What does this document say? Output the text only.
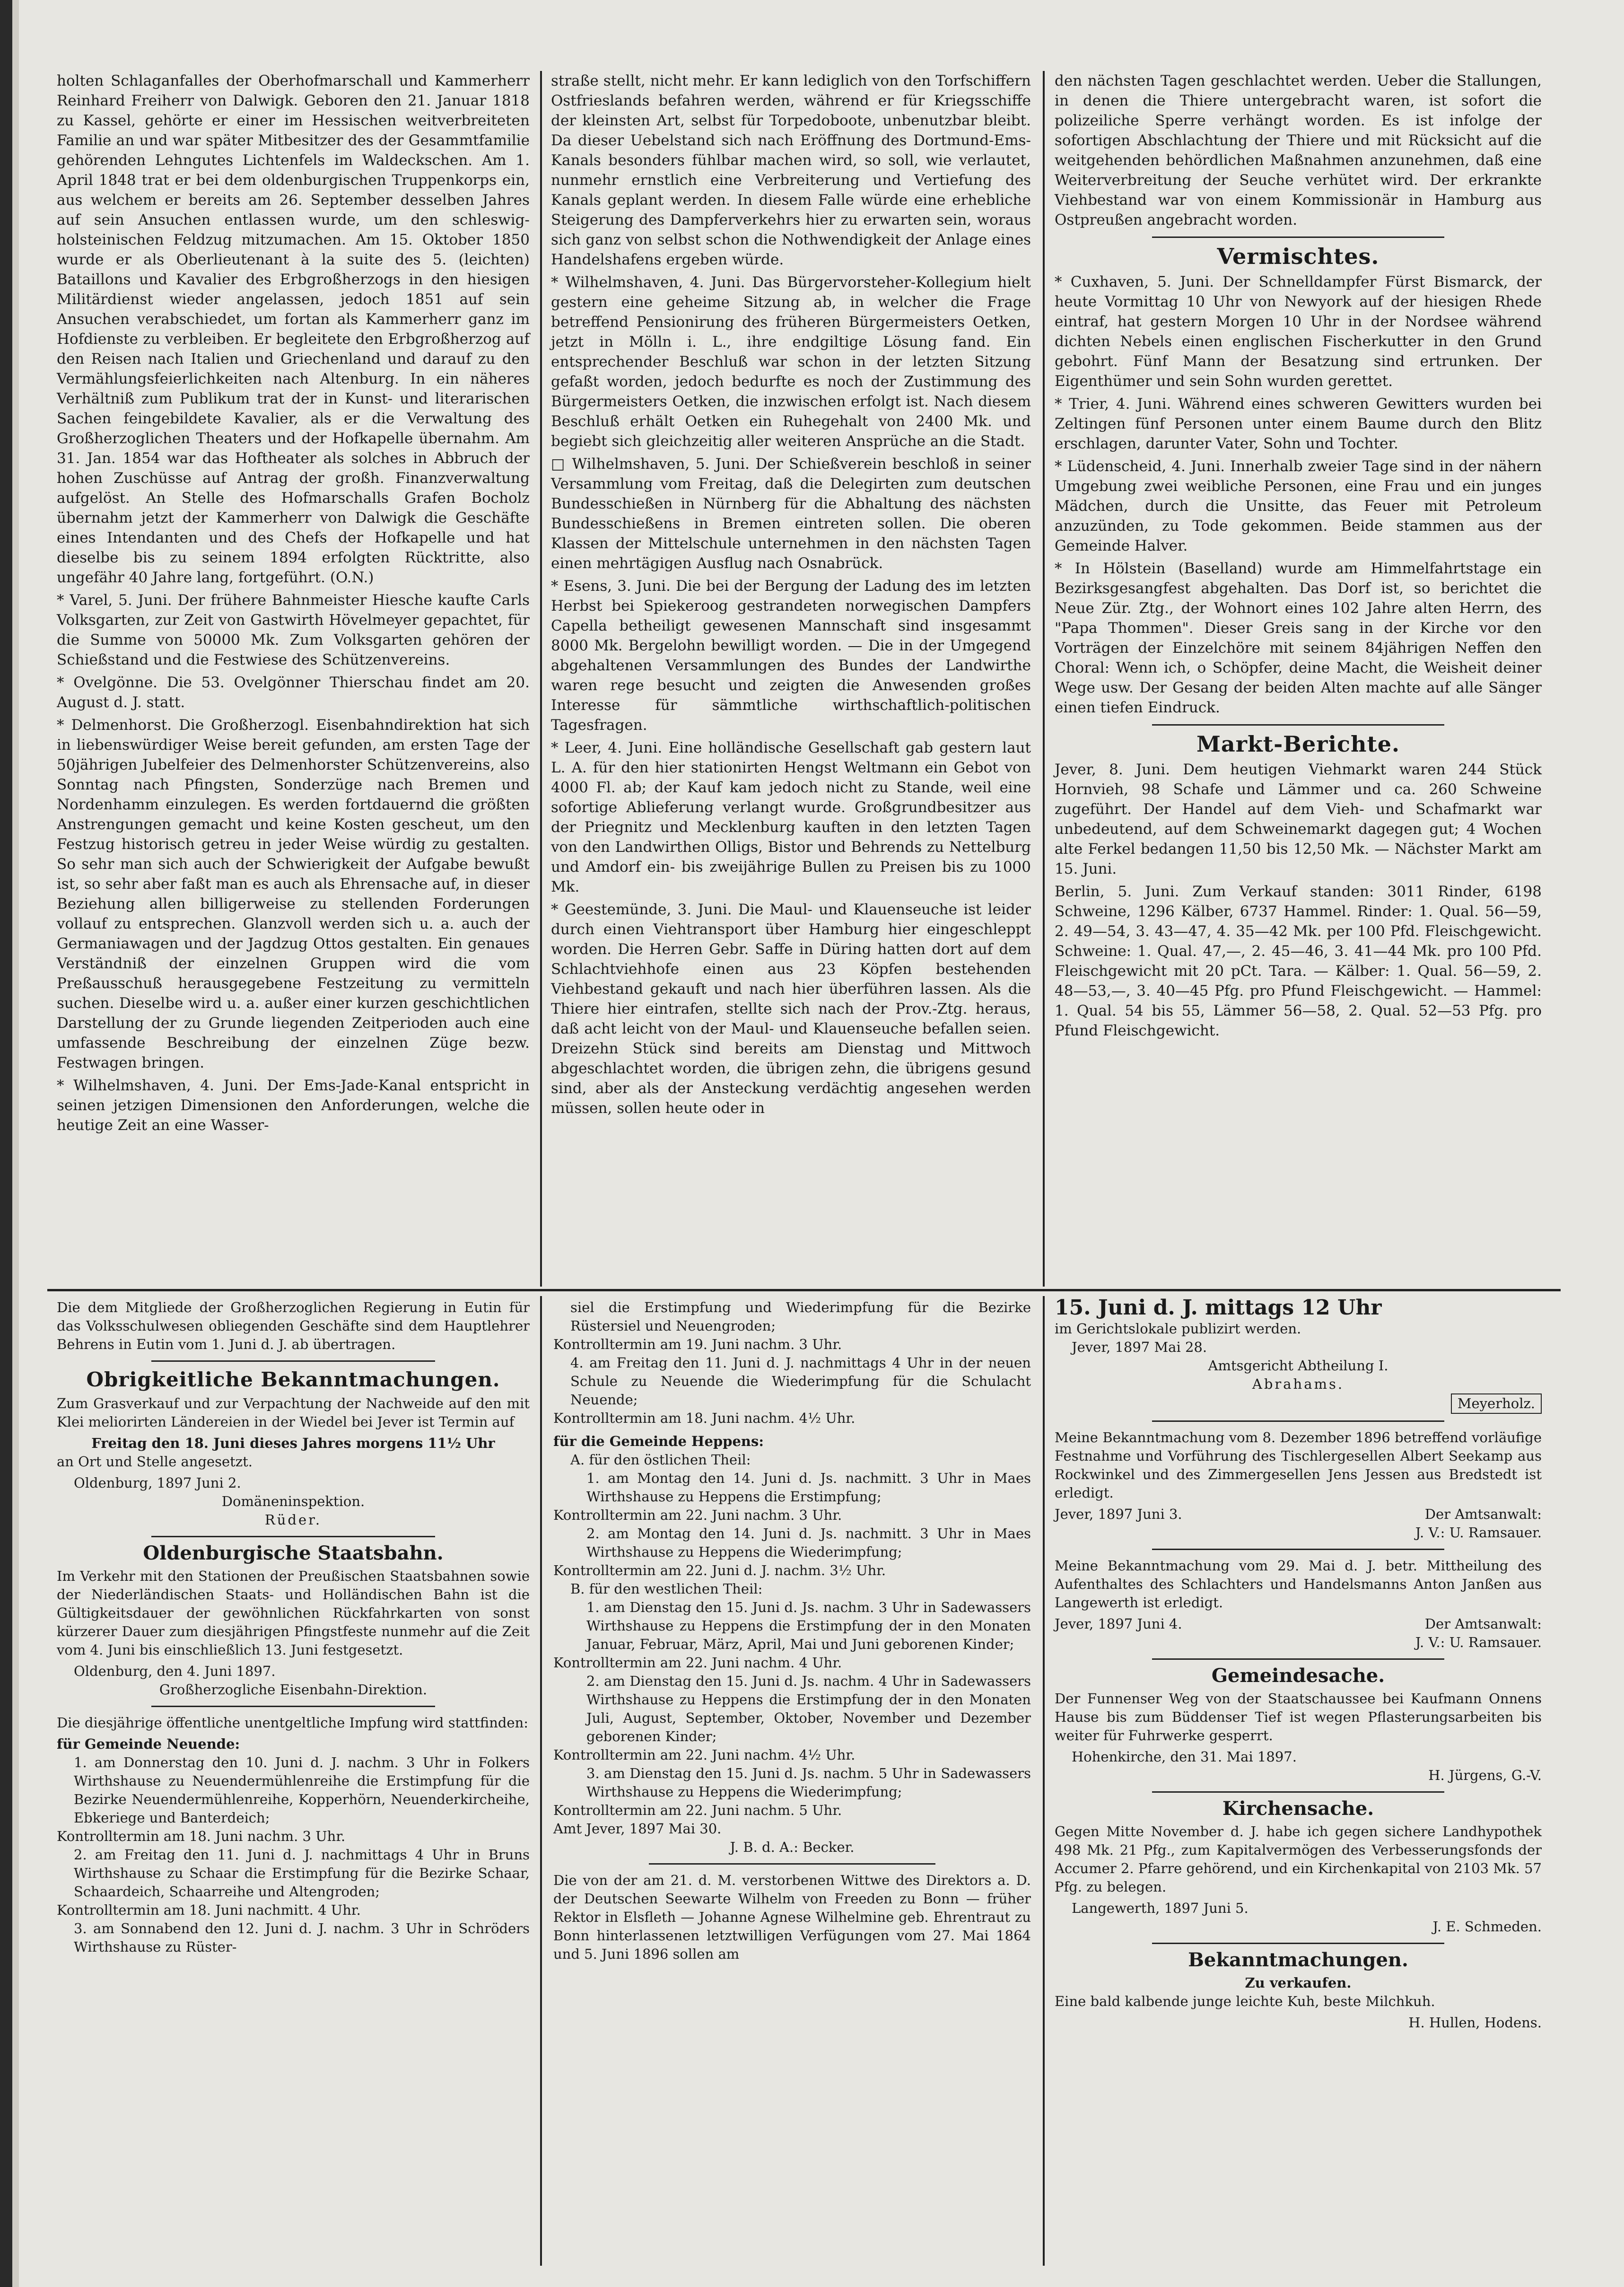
holten Schlaganfalles der Oberhofmarschall und Kammerherr Reinhard Freiherr von Dalwigk. Geboren den 21. Januar 1818 zu Kassel, gehörte er einer im Hessischen weitverbreiteten Familie an und war später Mitbesitzer des der Gesammtfamilie gehörenden Lehngutes Lichtenfels im Waldeckschen. Am 1. April 1848 trat er bei dem oldenburgischen Truppenkorps ein, aus welchem er bereits am 26. September desselben Jahres auf sein Ansuchen entlassen wurde, um den schleswig-holsteinischen Feldzug mitzumachen. Am 15. Oktober 1850 wurde er als Oberlieutenant à la suite des 5. (leichten) Bataillons und Kavalier des Erbgroßherzogs in den hiesigen Militärdienst wieder angelassen, jedoch 1851 auf sein Ansuchen verabschiedet, um fortan als Kammerherr ganz im Hofdienste zu verbleiben. Er begleitete den Erbgroßherzog auf den Reisen nach Italien und Griechenland und darauf zu den Vermählungsfeierlichkeiten nach Altenburg. In ein näheres Verhältniß zum Publikum trat der in Kunst- und literarischen Sachen feingebildete Kavalier, als er die Verwaltung des Großherzoglichen Theaters und der Hofkapelle übernahm. Am 31. Jan. 1854 war das Hoftheater als solches in Abbruch der hohen Zuschüsse auf Antrag der großh. Finanzverwaltung aufgelöst. An Stelle des Hofmarschalls Grafen Bocholz übernahm jetzt der Kammerherr von Dalwigk die Geschäfte eines Intendanten und des Chefs der Hofkapelle und hat dieselbe bis zu seinem 1894 erfolgten Rücktritte, also ungefähr 40 Jahre lang, fortgeführt. (O.N.)

* Varel, 5. Juni. Der frühere Bahnmeister Hiesche kaufte Carls Volksgarten, zur Zeit von Gastwirth Hövelmeyer gepachtet, für die Summe von 50000 Mk. Zum Volksgarten gehören der Schießstand und die Festwiese des Schützenvereins.

* Ovelgönne. Die 53. Ovelgönner Thierschau findet am 20. August d. J. statt.

* Delmenhorst. Die Großherzogl. Eisenbahndirektion hat sich in liebenswürdiger Weise bereit gefunden, am ersten Tage der 50jährigen Jubelfeier des Delmenhorster Schützenvereins, also Sonntag nach Pfingsten, Sonderzüge nach Bremen und Nordenhamm einzulegen. Es werden fortdauernd die größten Anstrengungen gemacht und keine Kosten gescheut, um den Festzug historisch getreu in jeder Weise würdig zu gestalten. So sehr man sich auch der Schwierigkeit der Aufgabe bewußt ist, so sehr aber faßt man es auch als Ehrensache auf, in dieser Beziehung allen billigerweise zu stellenden Forderungen vollauf zu entsprechen. Glanzvoll werden sich u. a. auch der Germaniawagen und der Jagdzug Ottos gestalten. Ein genaues Verständniß der einzelnen Gruppen wird die vom Preßausschuß herausgegebene Festzeitung zu vermitteln suchen. Dieselbe wird u. a. außer einer kurzen geschichtlichen Darstellung der zu Grunde liegenden Zeitperioden auch eine umfassende Beschreibung der einzelnen Züge bezw. Festwagen bringen.

* Wilhelmshaven, 4. Juni. Der Ems-Jade-Kanal entspricht in seinen jetzigen Dimensionen den Anforderungen, welche die heutige Zeit an eine Wasser-

straße stellt, nicht mehr. Er kann lediglich von den Torfschiffern Ostfrieslands befahren werden, während er für Kriegsschiffe der kleinsten Art, selbst für Torpedoboote, unbenutzbar bleibt. Da dieser Uebelstand sich nach Eröffnung des Dortmund-Ems-Kanals besonders fühlbar machen wird, so soll, wie verlautet, nunmehr ernstlich eine Verbreiterung und Vertiefung des Kanals geplant werden. In diesem Falle würde eine erhebliche Steigerung des Dampferverkehrs hier zu erwarten sein, woraus sich ganz von selbst schon die Nothwendigkeit der Anlage eines Handelshafens ergeben würde.

* Wilhelmshaven, 4. Juni. Das Bürgervorsteher-Kollegium hielt gestern eine geheime Sitzung ab, in welcher die Frage betreffend Pensionirung des früheren Bürgermeisters Oetken, jetzt in Mölln i. L., ihre endgiltige Lösung fand. Ein entsprechender Beschluß war schon in der letzten Sitzung gefaßt worden, jedoch bedurfte es noch der Zustimmung des Bürgermeisters Oetken, die inzwischen erfolgt ist. Nach diesem Beschluß erhält Oetken ein Ruhegehalt von 2400 Mk. und begiebt sich gleichzeitig aller weiteren Ansprüche an die Stadt.

□ Wilhelmshaven, 5. Juni. Der Schießverein beschloß in seiner Versammlung vom Freitag, daß die Delegirten zum deutschen Bundesschießen in Nürnberg für die Abhaltung des nächsten Bundesschießens in Bremen eintreten sollen. Die oberen Klassen der Mittelschule unternehmen in den nächsten Tagen einen mehrtägigen Ausflug nach Osnabrück.

* Esens, 3. Juni. Die bei der Bergung der Ladung des im letzten Herbst bei Spiekeroog gestrandeten norwegischen Dampfers Capella betheiligt gewesenen Mannschaft sind insgesammt 8000 Mk. Bergelohn bewilligt worden. — Die in der Umgegend abgehaltenen Versammlungen des Bundes der Landwirthe waren rege besucht und zeigten die Anwesenden großes Interesse für sämmtliche wirthschaftlich-politischen Tagesfragen.

* Leer, 4. Juni. Eine holländische Gesellschaft gab gestern laut L. A. für den hier stationirten Hengst Weltmann ein Gebot von 4000 Fl. ab; der Kauf kam jedoch nicht zu Stande, weil eine sofortige Ablieferung verlangt wurde. Großgrundbesitzer aus der Priegnitz und Mecklenburg kauften in den letzten Tagen von den Landwirthen Olligs, Bistor und Behrends zu Nettelburg und Amdorf ein- bis zweijährige Bullen zu Preisen bis zu 1000 Mk.

* Geestemünde, 3. Juni. Die Maul- und Klauenseuche ist leider durch einen Viehtransport über Hamburg hier eingeschleppt worden. Die Herren Gebr. Saffe in Düring hatten dort auf dem Schlachtviehhofe einen aus 23 Köpfen bestehenden Viehbestand gekauft und nach hier überführen lassen. Als die Thiere hier eintrafen, stellte sich nach der Prov.-Ztg. heraus, daß acht leicht von der Maul- und Klauenseuche befallen seien. Dreizehn Stück sind bereits am Dienstag und Mittwoch abgeschlachtet worden, die übrigen zehn, die übrigens gesund sind, aber als der Ansteckung verdächtig angesehen werden müssen, sollen heute oder in

den nächsten Tagen geschlachtet werden. Ueber die Stallungen, in denen die Thiere untergebracht waren, ist sofort die polizeiliche Sperre verhängt worden. Es ist infolge der sofortigen Abschlachtung der Thiere und mit Rücksicht auf die weitgehenden behördlichen Maßnahmen anzunehmen, daß eine Weiterverbreitung der Seuche verhütet wird. Der erkrankte Viehbestand war von einem Kommissionär in Hamburg aus Ostpreußen angebracht worden.

Vermischtes.

* Cuxhaven, 5. Juni. Der Schnelldampfer Fürst Bismarck, der heute Vormittag 10 Uhr von Newyork auf der hiesigen Rhede eintraf, hat gestern Morgen 10 Uhr in der Nordsee während dichten Nebels einen englischen Fischerkutter in den Grund gebohrt. Fünf Mann der Besatzung sind ertrunken. Der Eigenthümer und sein Sohn wurden gerettet.

* Trier, 4. Juni. Während eines schweren Gewitters wurden bei Zeltingen fünf Personen unter einem Baume durch den Blitz erschlagen, darunter Vater, Sohn und Tochter.

* Lüdenscheid, 4. Juni. Innerhalb zweier Tage sind in der nähern Umgebung zwei weibliche Personen, eine Frau und ein junges Mädchen, durch die Unsitte, das Feuer mit Petroleum anzuzünden, zu Tode gekommen. Beide stammen aus der Gemeinde Halver.

* In Hölstein (Baselland) wurde am Himmelfahrtstage ein Bezirksgesangfest abgehalten. Das Dorf ist, so berichtet die Neue Zür. Ztg., der Wohnort eines 102 Jahre alten Herrn, des "Papa Thommen". Dieser Greis sang in der Kirche vor den Vorträgen der Einzelchöre mit seinem 84jährigen Neffen den Choral: Wenn ich, o Schöpfer, deine Macht, die Weisheit deiner Wege usw. Der Gesang der beiden Alten machte auf alle Sänger einen tiefen Eindruck.

Markt-Berichte.

Jever, 8. Juni. Dem heutigen Viehmarkt waren 244 Stück Hornvieh, 98 Schafe und Lämmer und ca. 260 Schweine zugeführt. Der Handel auf dem Vieh- und Schafmarkt war unbedeutend, auf dem Schweinemarkt dagegen gut; 4 Wochen alte Ferkel bedangen 11,50 bis 12,50 Mk. — Nächster Markt am 15. Juni.

Berlin, 5. Juni. Zum Verkauf standen: 3011 Rinder, 6198 Schweine, 1296 Kälber, 6737 Hammel. Rinder: 1. Qual. 56—59, 2. 49—54, 3. 43—47, 4. 35—42 Mk. per 100 Pfd. Fleischgewicht. Schweine: 1. Qual. 47,—, 2. 45—46, 3. 41—44 Mk. pro 100 Pfd. Fleischgewicht mit 20 pCt. Tara. — Kälber: 1. Qual. 56—59, 2. 48—53,—, 3. 40—45 Pfg. pro Pfund Fleischgewicht. — Hammel: 1. Qual. 54 bis 55, Lämmer 56—58, 2. Qual. 52—53 Pfg. pro Pfund Fleischgewicht.

Die dem Mitgliede der Großherzoglichen Regierung in Eutin für das Volksschulwesen obliegenden Geschäfte sind dem Hauptlehrer Behrens in Eutin vom 1. Juni d. J. ab übertragen.

Obrigkeitliche Bekanntmachungen.

Zum Grasverkauf und zur Verpachtung der Nachweide auf den mit Klei meliorirten Ländereien in der Wiedel bei Jever ist Termin auf

Freitag den 18. Juni dieses Jahres morgens 11½ Uhr

an Ort und Stelle angesetzt.

Oldenburg, 1897 Juni 2.
Domäneninspektion.
Rüder.
Oldenburgische Staatsbahn.

Im Verkehr mit den Stationen der Preußischen Staatsbahnen sowie der Niederländischen Staats- und Holländischen Bahn ist die Gültigkeitsdauer der gewöhnlichen Rückfahrkarten von sonst kürzerer Dauer zum diesjährigen Pfingstfeste nunmehr auf die Zeit vom 4. Juni bis einschließlich 13. Juni festgesetzt.

Oldenburg, den 4. Juni 1897.
Großherzogliche Eisenbahn-Direktion.

Die diesjährige öffentliche unentgeltliche Impfung wird stattfinden:

für Gemeinde Neuende:
1. am Donnerstag den 10. Juni d. J. nachm. 3 Uhr in Folkers Wirthshause zu Neuendermühlenreihe die Erstimpfung für die Bezirke Neuendermühlenreihe, Kopperhörn, Neuenderkircheihe, Ebkeriege und Banterdeich;
Kontrolltermin am 18. Juni nachm. 3 Uhr.
2. am Freitag den 11. Juni d. J. nachmittags 4 Uhr in Bruns Wirthshause zu Schaar die Erstimpfung für die Bezirke Schaar, Schaardeich, Schaarreihe und Altengroden;
Kontrolltermin am 18. Juni nachmitt. 4 Uhr.
3. am Sonnabend den 12. Juni d. J. nachm. 3 Uhr in Schröders Wirthshause zu Rüster-
siel die Erstimpfung und Wiederimpfung für die Bezirke Rüstersiel und Neuengroden;
Kontrolltermin am 19. Juni nachm. 3 Uhr.
4. am Freitag den 11. Juni d. J. nachmittags 4 Uhr in der neuen Schule zu Neuende die Wiederimpfung für die Schulacht Neuende;
Kontrolltermin am 18. Juni nachm. 4½ Uhr.
für die Gemeinde Heppens:
A. für den östlichen Theil:
1. am Montag den 14. Juni d. Js. nachmitt. 3 Uhr in Maes Wirthshause zu Heppens die Erstimpfung;
Kontrolltermin am 22. Juni nachm. 3 Uhr.
2. am Montag den 14. Juni d. Js. nachmitt. 3 Uhr in Maes Wirthshause zu Heppens die Wiederimpfung;
Kontrolltermin am 22. Juni d. J. nachm. 3½ Uhr.
B. für den westlichen Theil:
1. am Dienstag den 15. Juni d. Js. nachm. 3 Uhr in Sadewassers Wirthshause zu Heppens die Erstimpfung der in den Monaten Januar, Februar, März, April, Mai und Juni geborenen Kinder;
Kontrolltermin am 22. Juni nachm. 4 Uhr.
2. am Dienstag den 15. Juni d. Js. nachm. 4 Uhr in Sadewassers Wirthshause zu Heppens die Erstimpfung der in den Monaten Juli, August, September, Oktober, November und Dezember geborenen Kinder;
Kontrolltermin am 22. Juni nachm. 4½ Uhr.
3. am Dienstag den 15. Juni d. Js. nachm. 5 Uhr in Sadewassers Wirthshause zu Heppens die Wiederimpfung;
Kontrolltermin am 22. Juni nachm. 5 Uhr.
Amt Jever, 1897 Mai 30.
J. B. d. A.: Becker.

Die von der am 21. d. M. verstorbenen Wittwe des Direktors a. D. der Deutschen Seewarte Wilhelm von Freeden zu Bonn — früher Rektor in Elsfleth — Johanne Agnese Wilhelmine geb. Ehrentraut zu Bonn hinterlassenen letztwilligen Verfügungen vom 27. Mai 1864 und 5. Juni 1896 sollen am

15. Juni d. J. mittags 12 Uhr
im Gerichtslokale publizirt werden.
Jever, 1897 Mai 28.
Amtsgericht Abtheilung I.
Abrahams.
Meyerholz.

Meine Bekanntmachung vom 8. Dezember 1896 betreffend vorläufige Festnahme und Vorführung des Tischlergesellen Albert Seekamp aus Rockwinkel und des Zimmergesellen Jens Jessen aus Bredstedt ist erledigt.

Jever, 1897 Juni 3.	Der Amtsanwalt:
J. V.: U. Ramsauer.

Meine Bekanntmachung vom 29. Mai d. J. betr. Mittheilung des Aufenthaltes des Schlachters und Handelsmanns Anton Janßen aus Langewerth ist erledigt.

Jever, 1897 Juni 4.	Der Amtsanwalt:
J. V.: U. Ramsauer.
Gemeindesache.

Der Funnenser Weg von der Staatschaussee bei Kaufmann Onnens Hause bis zum Büddenser Tief ist wegen Pflasterungsarbeiten bis weiter für Fuhrwerke gesperrt.

Hohenkirche, den 31. Mai 1897.
H. Jürgens, G.-V.
Kirchensache.

Gegen Mitte November d. J. habe ich gegen sichere Landhypothek 498 Mk. 21 Pfg., zum Kapitalvermögen des Verbesserungsfonds der Accumer 2. Pfarre gehörend, und ein Kirchenkapital von 2103 Mk. 57 Pfg. zu belegen.

Langewerth, 1897 Juni 5.
J. E. Schmeden.
Bekanntmachungen.
Zu verkaufen.

Eine bald kalbende junge leichte Kuh, beste Milchkuh.

H. Hullen, Hodens.
